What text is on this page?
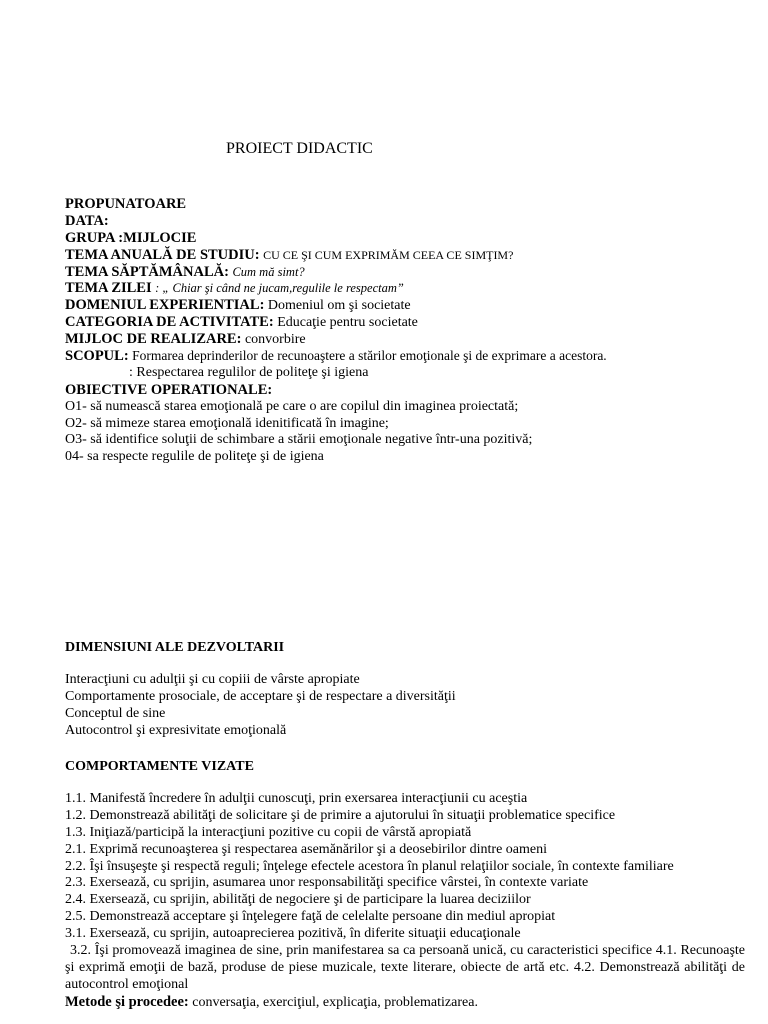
PROIECT DIDACTIC
PROPUNATOARE
DATA:
GRUPA :MIJLOCIE
TEMA ANUALĂ DE STUDIU: CU CE ŞI CUM EXPRIMĂM CEEA CE SIMŢIM?
TEMA SĂPTĂMÂNALĂ: Cum mă simt?
TEMA ZILEI : „ Chiar şi când ne jucam,regulile le respectam”
DOMENIUL EXPERIENTIAL: Domeniul om şi societate
CATEGORIA DE ACTIVITATE: Educaţie pentru societate
MIJLOC DE REALIZARE: convorbire
SCOPUL: Formarea deprinderilor de recunoaştere a stărilor emoţionale şi de exprimare a acestora.
: Respectarea regulilor de politeţe şi igiena
OBIECTIVE OPERATIONALE:
O1- să numească starea emoţională pe care o are copilul din imaginea proiectată;
O2- să mimeze starea emoţională idenitificată în imagine;
O3- să identifice soluţii de schimbare a stării emoţionale negative într-una pozitivă;
04- sa respecte regulile de politeţe şi de igiena
DIMENSIUNI ALE DEZVOLTARII
Interacţiuni cu adulţii şi cu copiii de vârste apropiate
Comportamente prosociale, de acceptare şi de respectare a diversităţii
Conceptul de sine
Autocontrol şi expresivitate emoţională
COMPORTAMENTE VIZATE
1.1. Manifestă încredere în adulţii cunoscuţi, prin exersarea interacţiunii cu aceştia
1.2. Demonstrează abilităţi de solicitare şi de primire a ajutorului în situaţii problematice specifice
1.3. Iniţiază/participă la interacţiuni pozitive cu copii de vârstă apropiată
2.1. Exprimă recunoaşterea şi respectarea asemănărilor şi a deosebirilor dintre oameni
2.2. Îşi însuşeşte şi respectă reguli; înţelege efectele acestora în planul relaţiilor sociale, în contexte familiare
2.3. Exersează, cu sprijin, asumarea unor responsabilităţi specifice vârstei, în contexte variate
2.4. Exersează, cu sprijin, abilităţi de negociere şi de participare la luarea deciziilor
2.5. Demonstrează acceptare şi înţelegere faţă de celelalte persoane din mediul apropiat
3.1. Exersează, cu sprijin, autoaprecierea pozitivă, în diferite situaţii educaţionale
3.2. Îşi promovează imaginea de sine, prin manifestarea sa ca persoană unică, cu caracteristici specifice 4.1. Recunoaşte şi exprimă emoţii de bază, produse de piese muzicale, texte literare, obiecte de artă etc. 4.2. Demonstrează abilităţi de autocontrol emoţional
Metode şi procedee: conversaţia, exerciţiul, explicaţia, problematizarea.
